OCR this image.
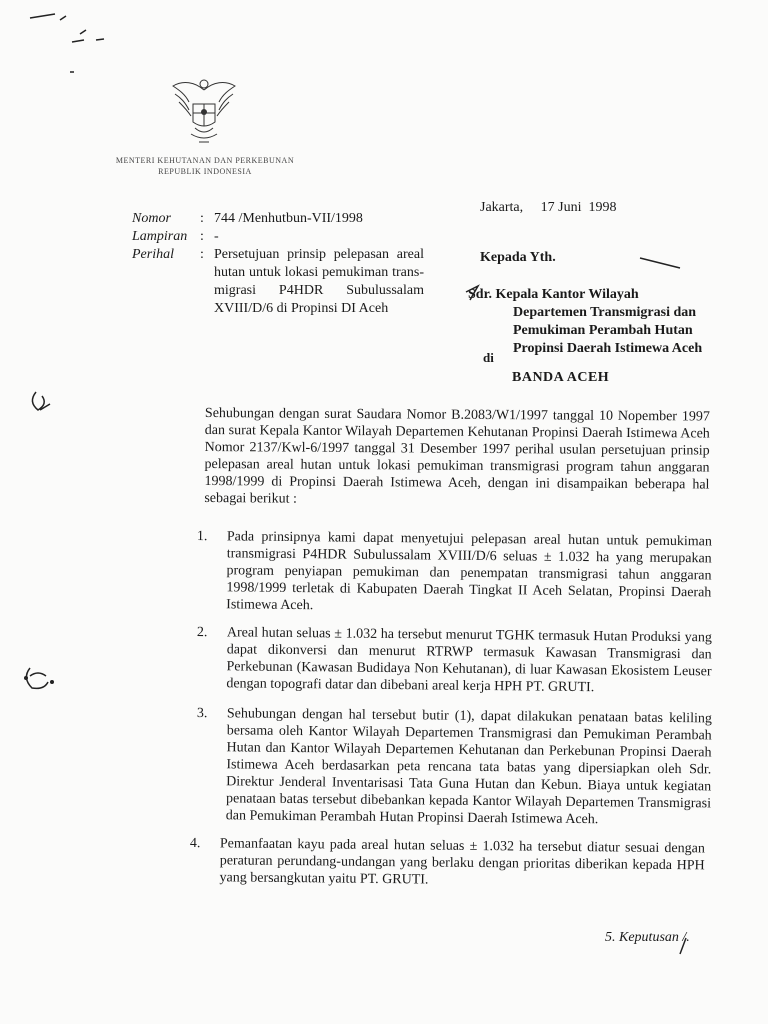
MENTERI KEHUTANAN DAN PERKEBUNAN
REPUBLIK INDONESIA
Nomor	: 744 /Menhutbun-VII/1998
Lampiran : -
Perihal	: Persetujuan prinsip pelepasan areal hutan untuk lokasi pemukiman trans-migrasi P4HDR Subulussalam XVIII/D/6 di Propinsi DI Aceh
Jakarta,     17 Juni  1998
Kepada Yth.
Sdr. Kepala Kantor Wilayah
Departemen Transmigrasi dan
Pemukiman Perambah Hutan
Propinsi Daerah Istimewa Aceh
di
BANDA ACEH
Sehubungan dengan surat Saudara Nomor B.2083/W1/1997 tanggal 10 Nopember 1997 dan surat Kepala Kantor Wilayah Departemen Kehutanan Propinsi Daerah Istimewa Aceh Nomor 2137/Kwl-6/1997 tanggal 31 Desember 1997 perihal usulan persetujuan prinsip pelepasan areal hutan untuk lokasi pemukiman transmigrasi program tahun anggaran 1998/1999 di Propinsi Daerah Istimewa Aceh, dengan ini disampaikan beberapa hal sebagai berikut :
1.	Pada prinsipnya kami dapat menyetujui pelepasan areal hutan untuk pemukiman transmigrasi P4HDR Subulussalam XVIII/D/6 seluas ± 1.032 ha yang merupakan program penyiapan pemukiman dan penempatan transmigrasi tahun anggaran 1998/1999 terletak di Kabupaten Daerah Tingkat II Aceh Selatan, Propinsi Daerah Istimewa Aceh.
2.	Areal hutan seluas ± 1.032 ha tersebut menurut TGHK termasuk Hutan Produksi yang dapat dikonversi dan menurut RTRWP termasuk Kawasan Transmigrasi dan Perkebunan (Kawasan Budidaya Non Kehutanan), di luar Kawasan Ekosistem Leuser dengan topografi datar dan dibebani areal kerja HPH PT. GRUTI.
3.	Sehubungan dengan hal tersebut butir (1), dapat dilakukan penataan batas keliling bersama oleh Kantor Wilayah Departemen Transmigrasi dan Pemukiman Perambah Hutan dan Kantor Wilayah Departemen Kehutanan dan Perkebunan Propinsi Daerah Istimewa Aceh berdasarkan peta rencana tata batas yang dipersiapkan oleh Sdr. Direktur Jenderal Inventarisasi Tata Guna Hutan dan Kebun. Biaya untuk kegiatan penataan batas tersebut dibebankan kepada Kantor Wilayah Departemen Transmigrasi dan Pemukiman Perambah Hutan Propinsi Daerah Istimewa Aceh.
4.	Pemanfaatan kayu pada areal hutan seluas ± 1.032 ha tersebut diatur sesuai dengan peraturan perundang-undangan yang berlaku dengan prioritas diberikan kepada HPH yang bersangkutan yaitu PT. GRUTI.
5. Keputusan /.
